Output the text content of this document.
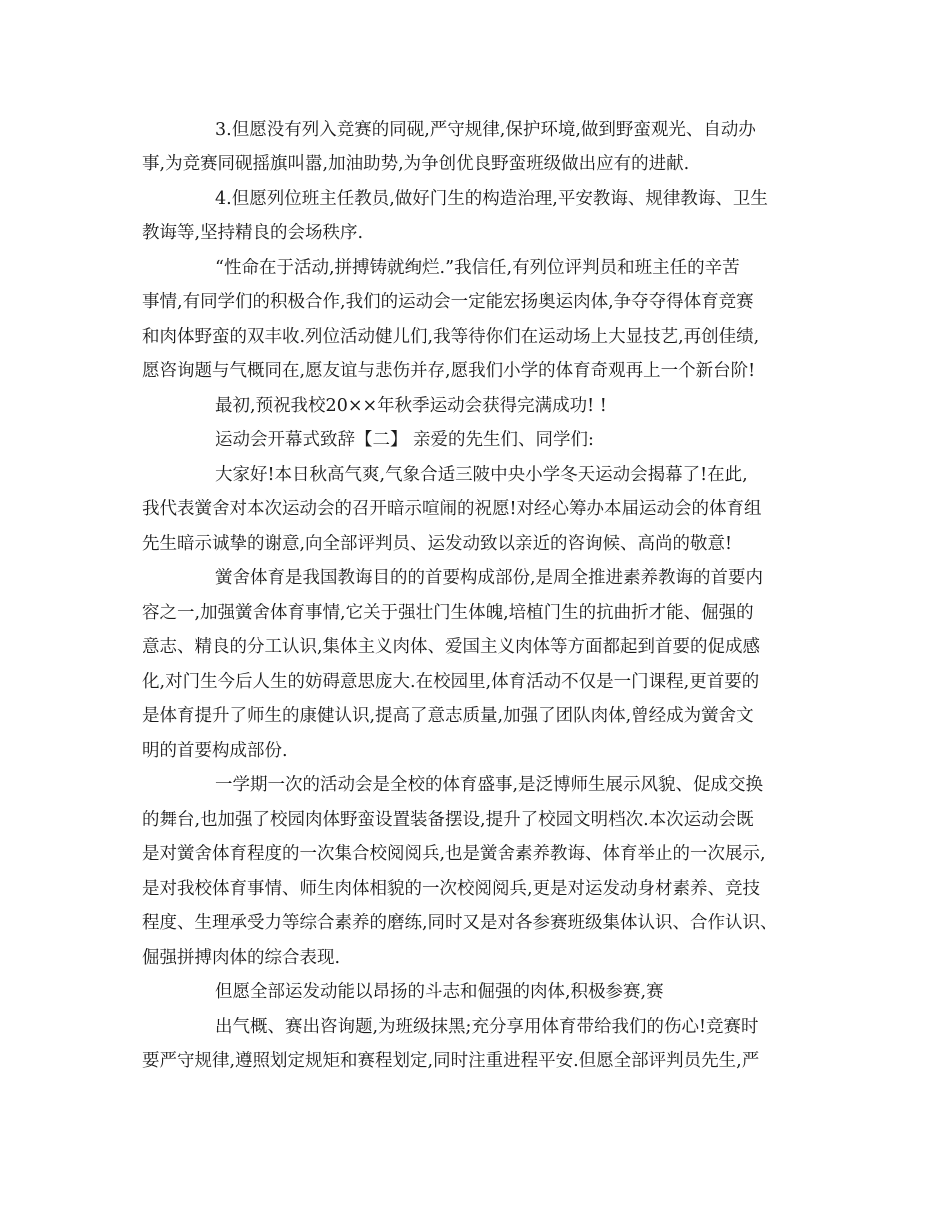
3.但愿没有列入竞赛的同砚,严守规律,保护环境,做到野蛮观光、自动办
事,为竞赛同砚摇旗叫嚣,加油助势,为争创优良野蛮班级做出应有的进献.
4.但愿列位班主任教员,做好门生的构造治理,平安教诲、规律教诲、卫生
教诲等,坚持精良的会场秩序.
“性命在于活动,拼搏铸就绚烂.”我信任,有列位评判员和班主任的辛苦
事情,有同学们的积极合作,我们的运动会一定能宏扬奥运肉体,争夺夺得体育竞赛
和肉体野蛮的双丰收.列位活动健儿们,我等待你们在运动场上大显技艺,再创佳绩,
愿咨询题与气概同在,愿友谊与悲伤并存,愿我们小学的体育奇观再上一个新台阶!
最初,预祝我校20××年秋季运动会获得完满成功! !
运动会开幕式致辞【二】 亲爱的先生们、同学们:
大家好!本日秋高气爽,气象合适三陂中央小学冬天运动会揭幕了!在此,
我代表黉舍对本次运动会的召开暗示喧闹的祝愿!对经心筹办本届运动会的体育组
先生暗示诚挚的谢意,向全部评判员、运发动致以亲近的咨询候、高尚的敬意!
黉舍体育是我国教诲目的的首要构成部份,是周全推进素养教诲的首要内
容之一,加强黉舍体育事情,它关于强壮门生体魄,培植门生的抗曲折才能、倔强的
意志、精良的分工认识,集体主义肉体、爱国主义肉体等方面都起到首要的促成感
化,对门生今后人生的妨碍意思庞大.在校园里,体育活动不仅是一门课程,更首要的
是体育提升了师生的康健认识,提高了意志质量,加强了团队肉体,曾经成为黉舍文
明的首要构成部份.
一学期一次的活动会是全校的体育盛事,是泛博师生展示风貌、促成交换
的舞台,也加强了校园肉体野蛮设置装备摆设,提升了校园文明档次.本次运动会既
是对黉舍体育程度的一次集合校阅阅兵,也是黉舍素养教诲、体育举止的一次展示,
是对我校体育事情、师生肉体相貌的一次校阅阅兵,更是对运发动身材素养、竞技
程度、生理承受力等综合素养的磨练,同时又是对各参赛班级集体认识、合作认识、
倔强拼搏肉体的综合表现.
但愿全部运发动能以昂扬的斗志和倔强的肉体,积极参赛,赛
出气概、赛出咨询题,为班级抹黑;充分享用体育带给我们的伤心!竞赛时
要严守规律,遵照划定规矩和赛程划定,同时注重进程平安.但愿全部评判员先生,严
